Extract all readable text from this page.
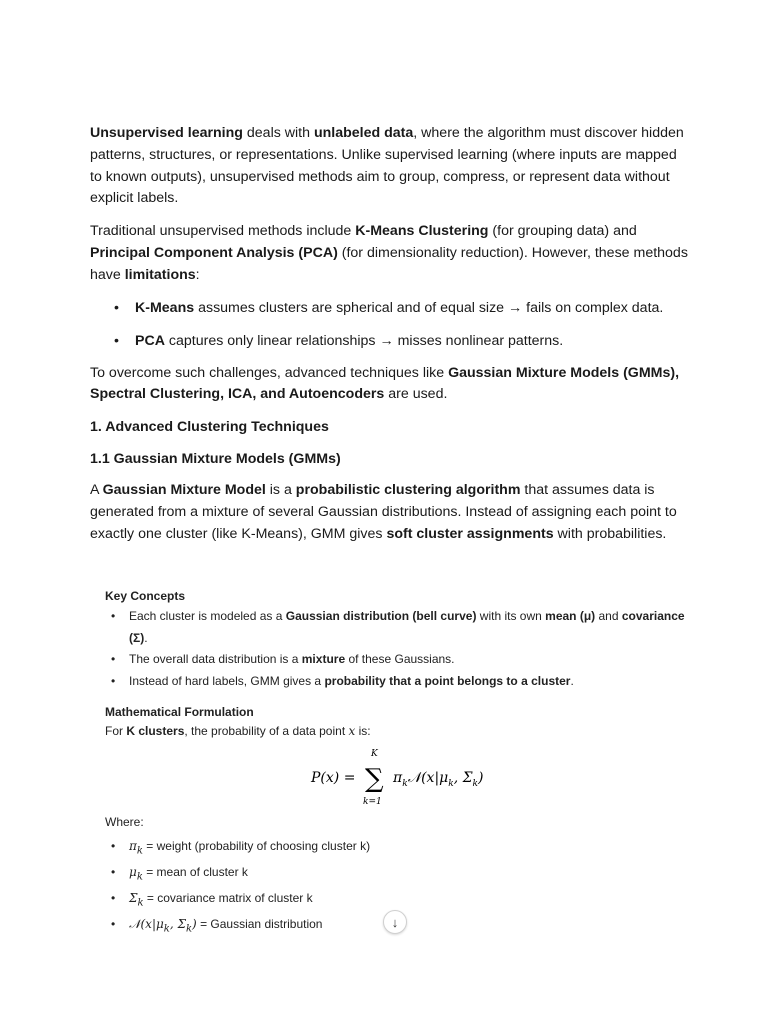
Unsupervised learning deals with unlabeled data, where the algorithm must discover hidden patterns, structures, or representations. Unlike supervised learning (where inputs are mapped to known outputs), unsupervised methods aim to group, compress, or represent data without explicit labels.

Traditional unsupervised methods include K-Means Clustering (for grouping data) and Principal Component Analysis (PCA) (for dimensionality reduction). However, these methods have limitations:

• K-Means assumes clusters are spherical and of equal size → fails on complex data.
• PCA captures only linear relationships → misses nonlinear patterns.

To overcome such challenges, advanced techniques like Gaussian Mixture Models (GMMs), Spectral Clustering, ICA, and Autoencoders are used.

1. Advanced Clustering Techniques
1.1 Gaussian Mixture Models (GMMs)

A Gaussian Mixture Model is a probabilistic clustering algorithm that assumes data is generated from a mixture of several Gaussian distributions. Instead of assigning each point to exactly one cluster (like K-Means), GMM gives soft cluster assignments with probabilities.

Key Concepts
• Each cluster is modeled as a Gaussian distribution (bell curve) with its own mean (μ) and covariance
(Σ).
• The overall data distribution is a mixture of these Gaussians.
• Instead of hard labels, GMM gives a probability that a point belongs to a cluster.
Mathematical Formulation
For K clusters, the probability of a data point x is:
P(x) =
K
∑
k=1
$\pi_k𝒩(x|\mu_k$, $\Sigma_k$)
Where:
• $\pi_k$ = weight (probability of choosing cluster k)
• $\mu_k$ = mean of cluster k
• $\Sigma_k$ = covariance matrix of cluster k
• $𝒩(x|\mu_k$, $\Sigma_k$) = Gaussian distribution	↓
